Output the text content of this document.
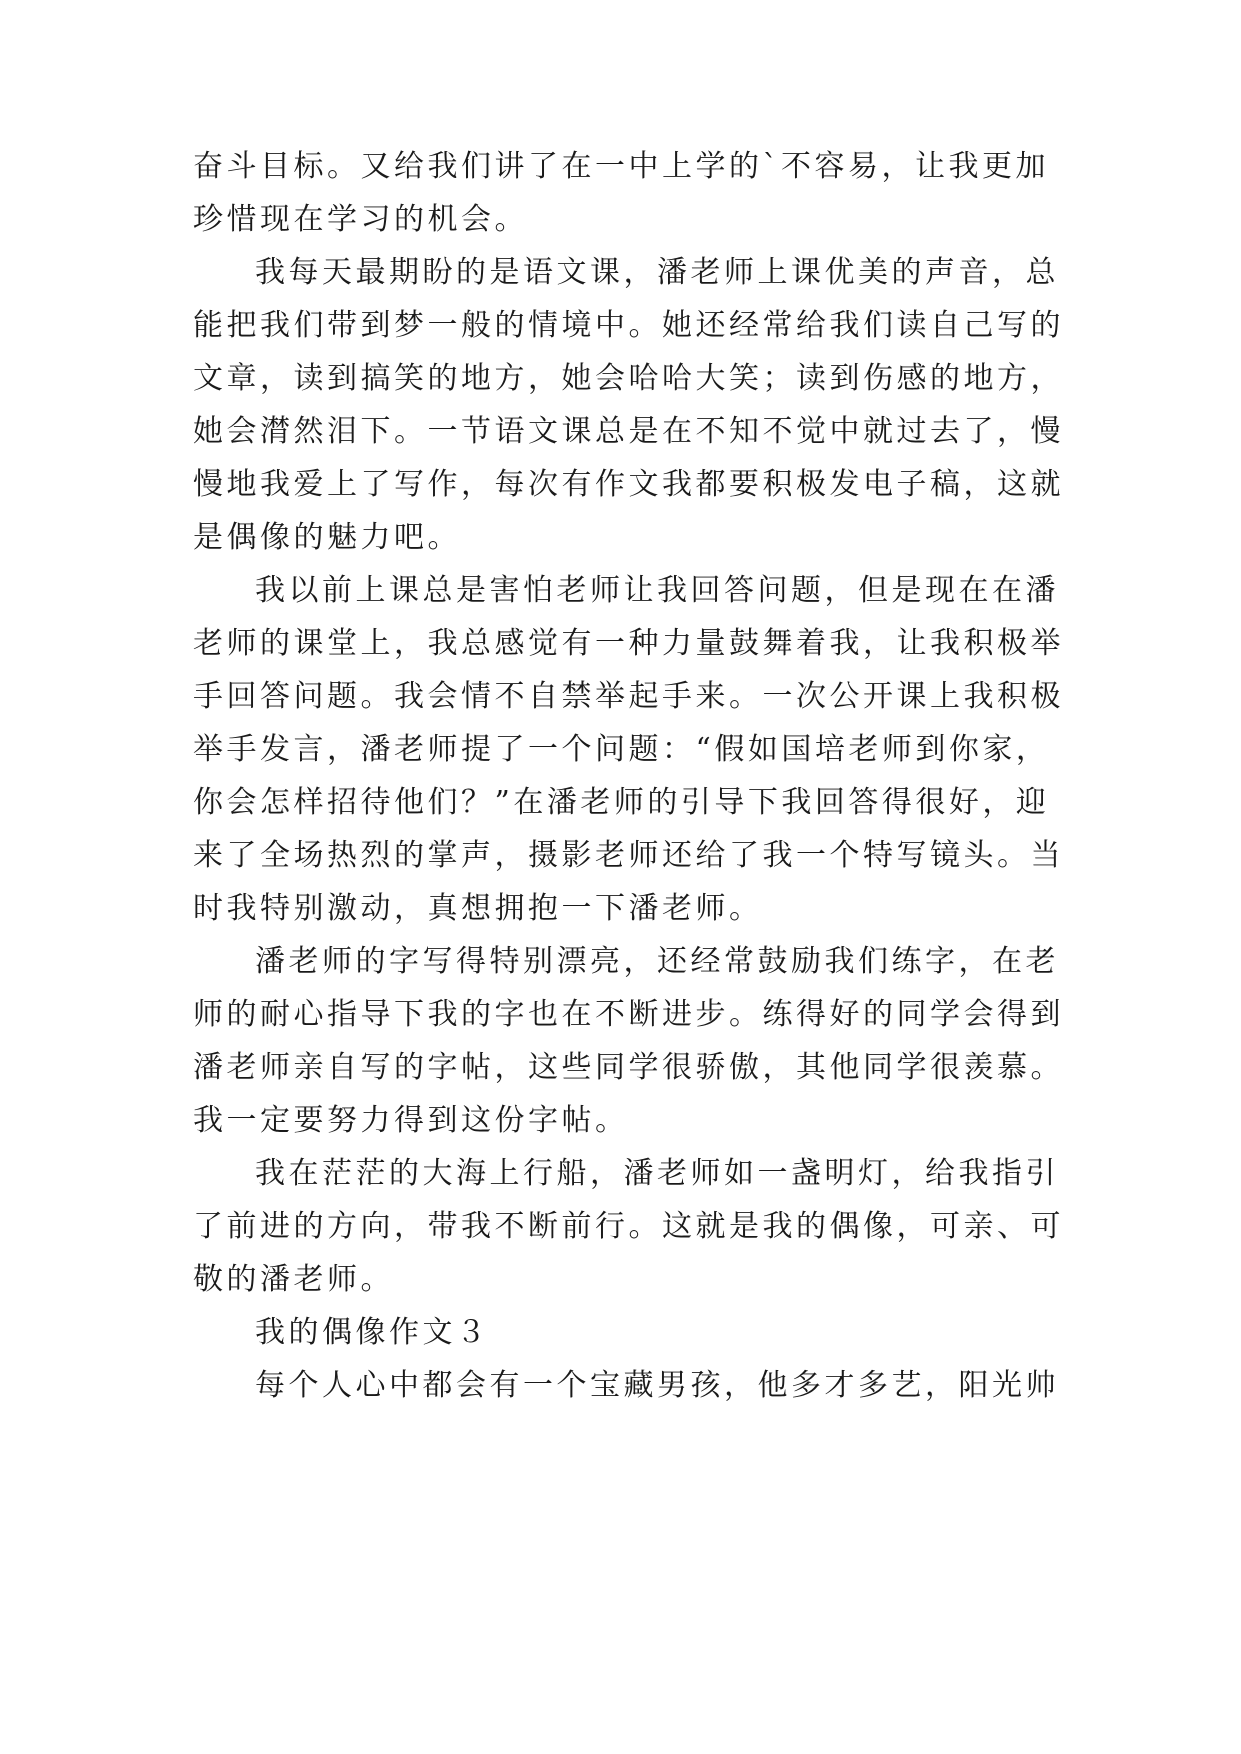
奋斗目标。又给我们讲了在一中上学的`不容易，让我更加
珍惜现在学习的机会。
我每天最期盼的是语文课，潘老师上课优美的声音，总
能把我们带到梦一般的情境中。她还经常给我们读自己写的
文章，读到搞笑的地方，她会哈哈大笑；读到伤感的地方，
她会潸然泪下。一节语文课总是在不知不觉中就过去了，慢
慢地我爱上了写作，每次有作文我都要积极发电子稿，这就
是偶像的魅力吧。
我以前上课总是害怕老师让我回答问题，但是现在在潘
老师的课堂上，我总感觉有一种力量鼓舞着我，让我积极举
手回答问题。我会情不自禁举起手来。一次公开课上我积极
举手发言，潘老师提了一个问题：“假如国培老师到你家，
你会怎样招待他们？”在潘老师的引导下我回答得很好，迎
来了全场热烈的掌声，摄影老师还给了我一个特写镜头。当
时我特别激动，真想拥抱一下潘老师。
潘老师的字写得特别漂亮，还经常鼓励我们练字，在老
师的耐心指导下我的字也在不断进步。练得好的同学会得到
潘老师亲自写的字帖，这些同学很骄傲，其他同学很羡慕。
我一定要努力得到这份字帖。
我在茫茫的大海上行船，潘老师如一盏明灯，给我指引
了前进的方向，带我不断前行。这就是我的偶像，可亲、可
敬的潘老师。
我的偶像作文３
每个人心中都会有一个宝藏男孩，他多才多艺，阳光帅
